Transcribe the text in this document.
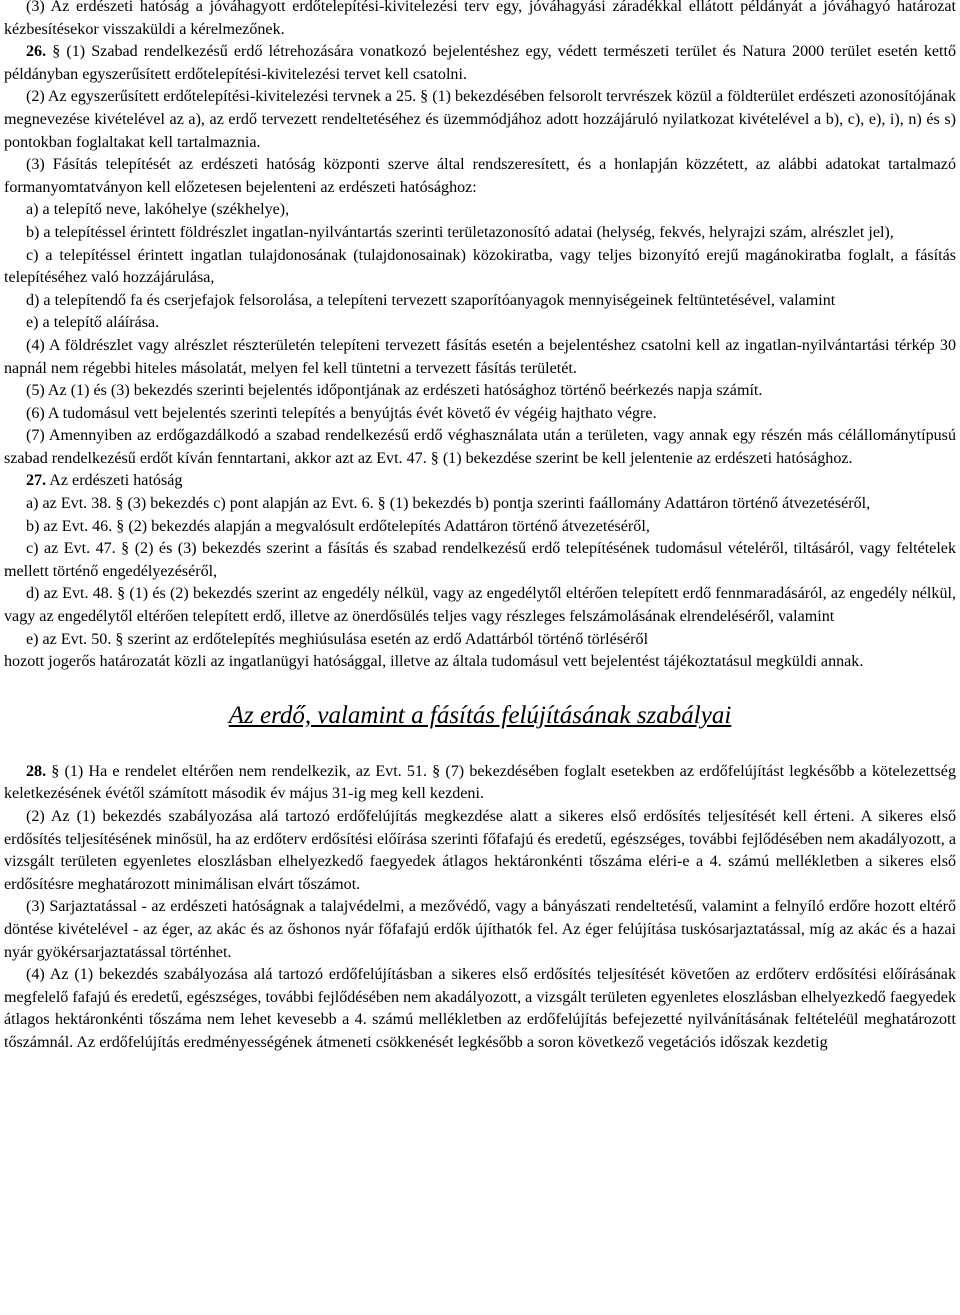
(3) Az erdészeti hatóság a jóváhagyott erdőtelepítési-kivitelezési terv egy, jóváhagyási záradékkal ellátott példányát a jóváhagyó határozat kézbesítésekor visszaküldi a kérelmezőnek.

26. § (1) Szabad rendelkezésű erdő létrehozására vonatkozó bejelentéshez egy, védett természeti terület és Natura 2000 terület esetén kettő példányban egyszerűsített erdőtelepítési-kivitelezési tervet kell csatolni.

(2) Az egyszerűsített erdőtelepítési-kivitelezési tervnek a 25. § (1) bekezdésében felsorolt tervrészek közül a földterület erdészeti azonosítójának megnevezése kivételével az a), az erdő tervezett rendeltetéséhez és üzemmódjához adott hozzájáruló nyilatkozat kivételével a b), c), e), i), n) és s) pontokban foglaltakat kell tartalmaznia.

(3) Fásítás telepítését az erdészeti hatóság központi szerve által rendszeresített, és a honlapján közzétett, az alábbi adatokat tartalmazó formanyomtatványon kell előzetesen bejelenteni az erdészeti hatósághoz:

a) a telepítő neve, lakóhelye (székhelye),

b) a telepítéssel érintett földrészlet ingatlan-nyilvántartás szerinti területazonosító adatai (helység, fekvés, helyrajzi szám, alrészlet jel),

c) a telepítéssel érintett ingatlan tulajdonosának (tulajdonosainak) közokiratba, vagy teljes bizonyító erejű magánokiratba foglalt, a fásítás telepítéséhez való hozzájárulása,

d) a telepítendő fa és cserjefajok felsorolása, a telepíteni tervezett szaporítóanyagok mennyiségeinek feltüntetésével, valamint

e) a telepítő aláírása.

(4) A földrészlet vagy alrészlet részterületén telepíteni tervezett fásítás esetén a bejelentéshez csatolni kell az ingatlan-nyilvántartási térkép 30 napnál nem régebbi hiteles másolatát, melyen fel kell tüntetni a tervezett fásítás területét.

(5) Az (1) és (3) bekezdés szerinti bejelentés időpontjának az erdészeti hatósághoz történő beérkezés napja számít.

(6) A tudomásul vett bejelentés szerinti telepítés a benyújtás évét követő év végéig hajthato végre.

(7) Amennyiben az erdőgazdálkodó a szabad rendelkezésű erdő véghasználata után a területen, vagy annak egy részén más célállománytípusú szabad rendelkezésű erdőt kíván fenntartani, akkor azt az Evt. 47. § (1) bekezdése szerint be kell jelentenie az erdészeti hatósághoz.

27. Az erdészeti hatóság

a) az Evt. 38. § (3) bekezdés c) pont alapján az Evt. 6. § (1) bekezdés b) pontja szerinti faállomány Adattáron történő átvezetéséről,

b) az Evt. 46. § (2) bekezdés alapján a megvalósult erdőtelepítés Adattáron történő átvezetéséről,

c) az Evt. 47. § (2) és (3) bekezdés szerint a fásítás és szabad rendelkezésű erdő telepítésének tudomásul vételéről, tiltásáról, vagy feltételek mellett történő engedélyezéséről,

d) az Evt. 48. § (1) és (2) bekezdés szerint az engedély nélkül, vagy az engedélytől eltérően telepített erdő fennmaradásáról, az engedély nélkül, vagy az engedélytől eltérően telepített erdő, illetve az önerdősülés teljes vagy részleges felszámolásának elrendeléséről, valamint

e) az Evt. 50. § szerint az erdőtelepítés meghiúsulása esetén az erdő Adattárból történő törléséről

hozott jogerős határozatát közli az ingatlanügyi hatósággal, illetve az általa tudomásul vett bejelentést tájékoztatásul megküldi annak.

Az erdő, valamint a fásítás felújításának szabályai

28. § (1) Ha e rendelet eltérően nem rendelkezik, az Evt. 51. § (7) bekezdésében foglalt esetekben az erdőfelújítást legkésőbb a kötelezettség keletkezésének évétől számított második év május 31-ig meg kell kezdeni.

(2) Az (1) bekezdés szabályozása alá tartozó erdőfelújítás megkezdése alatt a sikeres első erdősítés teljesítését kell érteni. A sikeres első erdősítés teljesítésének minősül, ha az erdőterv erdősítési előírása szerinti főfafajú és eredetű, egészséges, további fejlődésében nem akadályozott, a vizsgált területen egyenletes eloszlásban elhelyezkedő faegyedek átlagos hektáronkénti tőszáma eléri-e a 4. számú mellékletben a sikeres első erdősítésre meghatározott minimálisan elvárt tőszámot.

(3) Sarjaztatással - az erdészeti hatóságnak a talajvédelmi, a mezővédő, vagy a bányászati rendeltetésű, valamint a felnyíló erdőre hozott eltérő döntése kivételével - az éger, az akác és az őshonos nyár főfafajú erdők újíthatók fel. Az éger felújítása tuskósarjaztatással, míg az akác és a hazai nyár gyökérsarjaztatással történhet.

(4) Az (1) bekezdés szabályozása alá tartozó erdőfelújításban a sikeres első erdősítés teljesítését követően az erdőterv erdősítési előírásának megfelelő fafajú és eredetű, egészséges, további fejlődésében nem akadályozott, a vizsgált területen egyenletes eloszlásban elhelyezkedő faegyedek átlagos hektáronkénti tőszáma nem lehet kevesebb a 4. számú mellékletben az erdőfelújítás befejezetté nyilvánításának feltételéül meghatározott tőszámnál. Az erdőfelújítás eredményességének átmeneti csökkenését legkésőbb a soron következő vegetációs időszak kezdetig
